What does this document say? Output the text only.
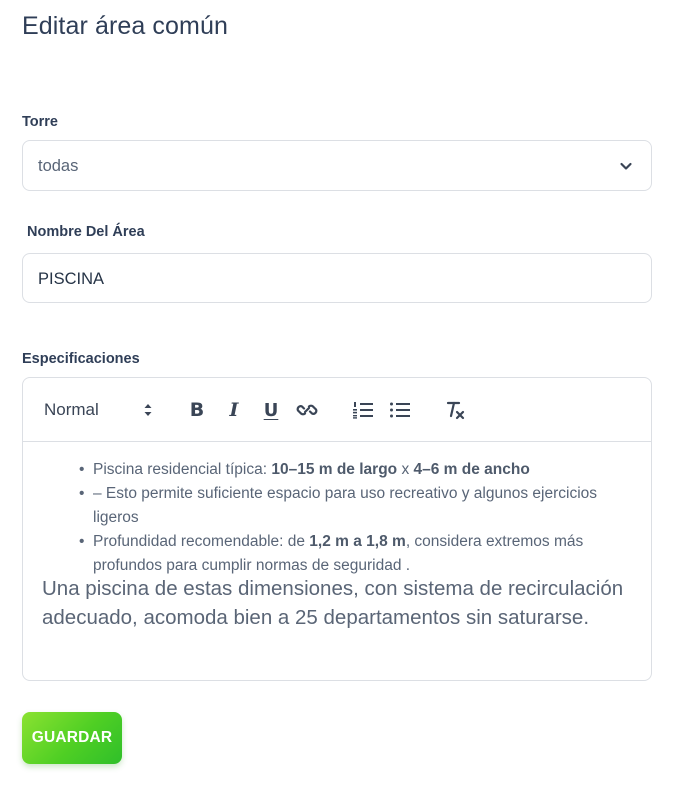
Editar área común
Torre
todas
Nombre Del Área
PISCINA
Especificaciones
Normal	B I U
• Piscina residencial típica: 10–15 m de largo x 4–6 m de ancho
• – Esto permite suficiente espacio para uso recreativo y algunos ejercicios ligeros
• Profundidad recomendable: de 1,2 m a 1,8 m, considera extremos más profundos para cumplir normas de seguridad .

Una piscina de estas dimensiones, con sistema de recirculación adecuado, acomoda bien a 25 departamentos sin saturarse.

GUARDAR
